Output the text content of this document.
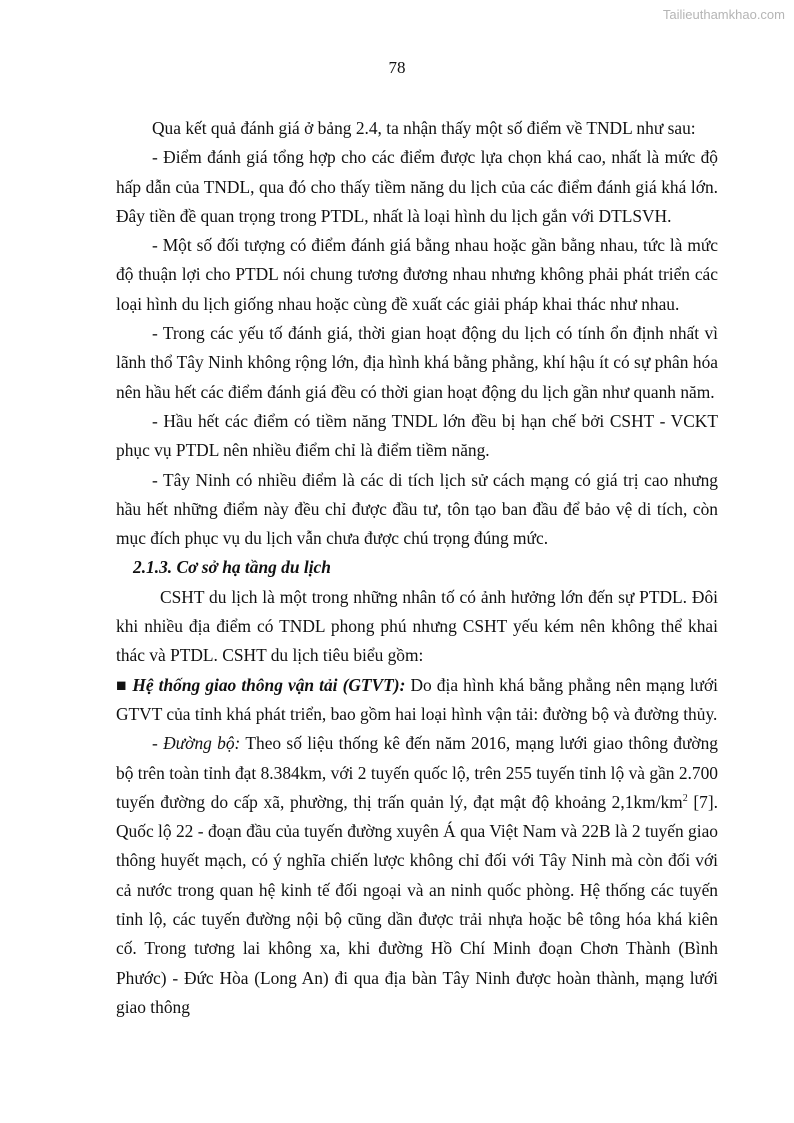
Tailieuthamkhao.com
78

Qua kết quả đánh giá ở bảng 2.4, ta nhận thấy một số điểm về TNDL như sau:

- Điểm đánh giá tổng hợp cho các điểm được lựa chọn khá cao, nhất là mức độ hấp dẫn của TNDL, qua đó cho thấy tiềm năng du lịch của các điểm đánh giá khá lớn. Đây tiền đề quan trọng trong PTDL, nhất là loại hình du lịch gắn với DTLSVH.

- Một số đối tượng có điểm đánh giá bằng nhau hoặc gần bằng nhau, tức là mức độ thuận lợi cho PTDL nói chung tương đương nhau nhưng không phải phát triển các loại hình du lịch giống nhau hoặc cùng đề xuất các giải pháp khai thác như nhau.

- Trong các yếu tố đánh giá, thời gian hoạt động du lịch có tính ổn định nhất vì lãnh thổ Tây Ninh không rộng lớn, địa hình khá bằng phẳng, khí hậu ít có sự phân hóa nên hầu hết các điểm đánh giá đều có thời gian hoạt động du lịch gần như quanh năm.

- Hầu hết các điểm có tiềm năng TNDL lớn đều bị hạn chế bởi CSHT - VCKT phục vụ PTDL nên nhiều điểm chỉ là điểm tiềm năng.

- Tây Ninh có nhiều điểm là các di tích lịch sử cách mạng có giá trị cao nhưng hầu hết những điểm này đều chỉ được đầu tư, tôn tạo ban đầu để bảo vệ di tích, còn mục đích phục vụ du lịch vẫn chưa được chú trọng đúng mức.

2.1.3. Cơ sở hạ tầng du lịch

CSHT du lịch là một trong những nhân tố có ảnh hưởng lớn đến sự PTDL. Đôi khi nhiều địa điểm có TNDL phong phú nhưng CSHT yếu kém nên không thể khai thác và PTDL. CSHT du lịch tiêu biểu gồm:

■ Hệ thống giao thông vận tải (GTVT): Do địa hình khá bằng phẳng nên mạng lưới GTVT của tỉnh khá phát triển, bao gồm hai loại hình vận tải: đường bộ và đường thủy.

- Đường bộ: Theo số liệu thống kê đến năm 2016, mạng lưới giao thông đường bộ trên toàn tỉnh đạt 8.384km, với 2 tuyến quốc lộ, trên 255 tuyến tỉnh lộ và gần 2.700 tuyến đường do cấp xã, phường, thị trấn quản lý, đạt mật độ khoảng $2,1km/km^2$ [7]. Quốc lộ 22 - đoạn đầu của tuyến đường xuyên Á qua Việt Nam và 22B là 2 tuyến giao thông huyết mạch, có ý nghĩa chiến lược không chỉ đối với Tây Ninh mà còn đối với cả nước trong quan hệ kinh tế đối ngoại và an ninh quốc phòng. Hệ thống các tuyến tỉnh lộ, các tuyến đường nội bộ cũng dần được trải nhựa hoặc bê tông hóa khá kiên cố. Trong tương lai không xa, khi đường Hồ Chí Minh đoạn Chơn Thành (Bình Phước) - Đức Hòa (Long An) đi qua địa bàn Tây Ninh được hoàn thành, mạng lưới giao thông
